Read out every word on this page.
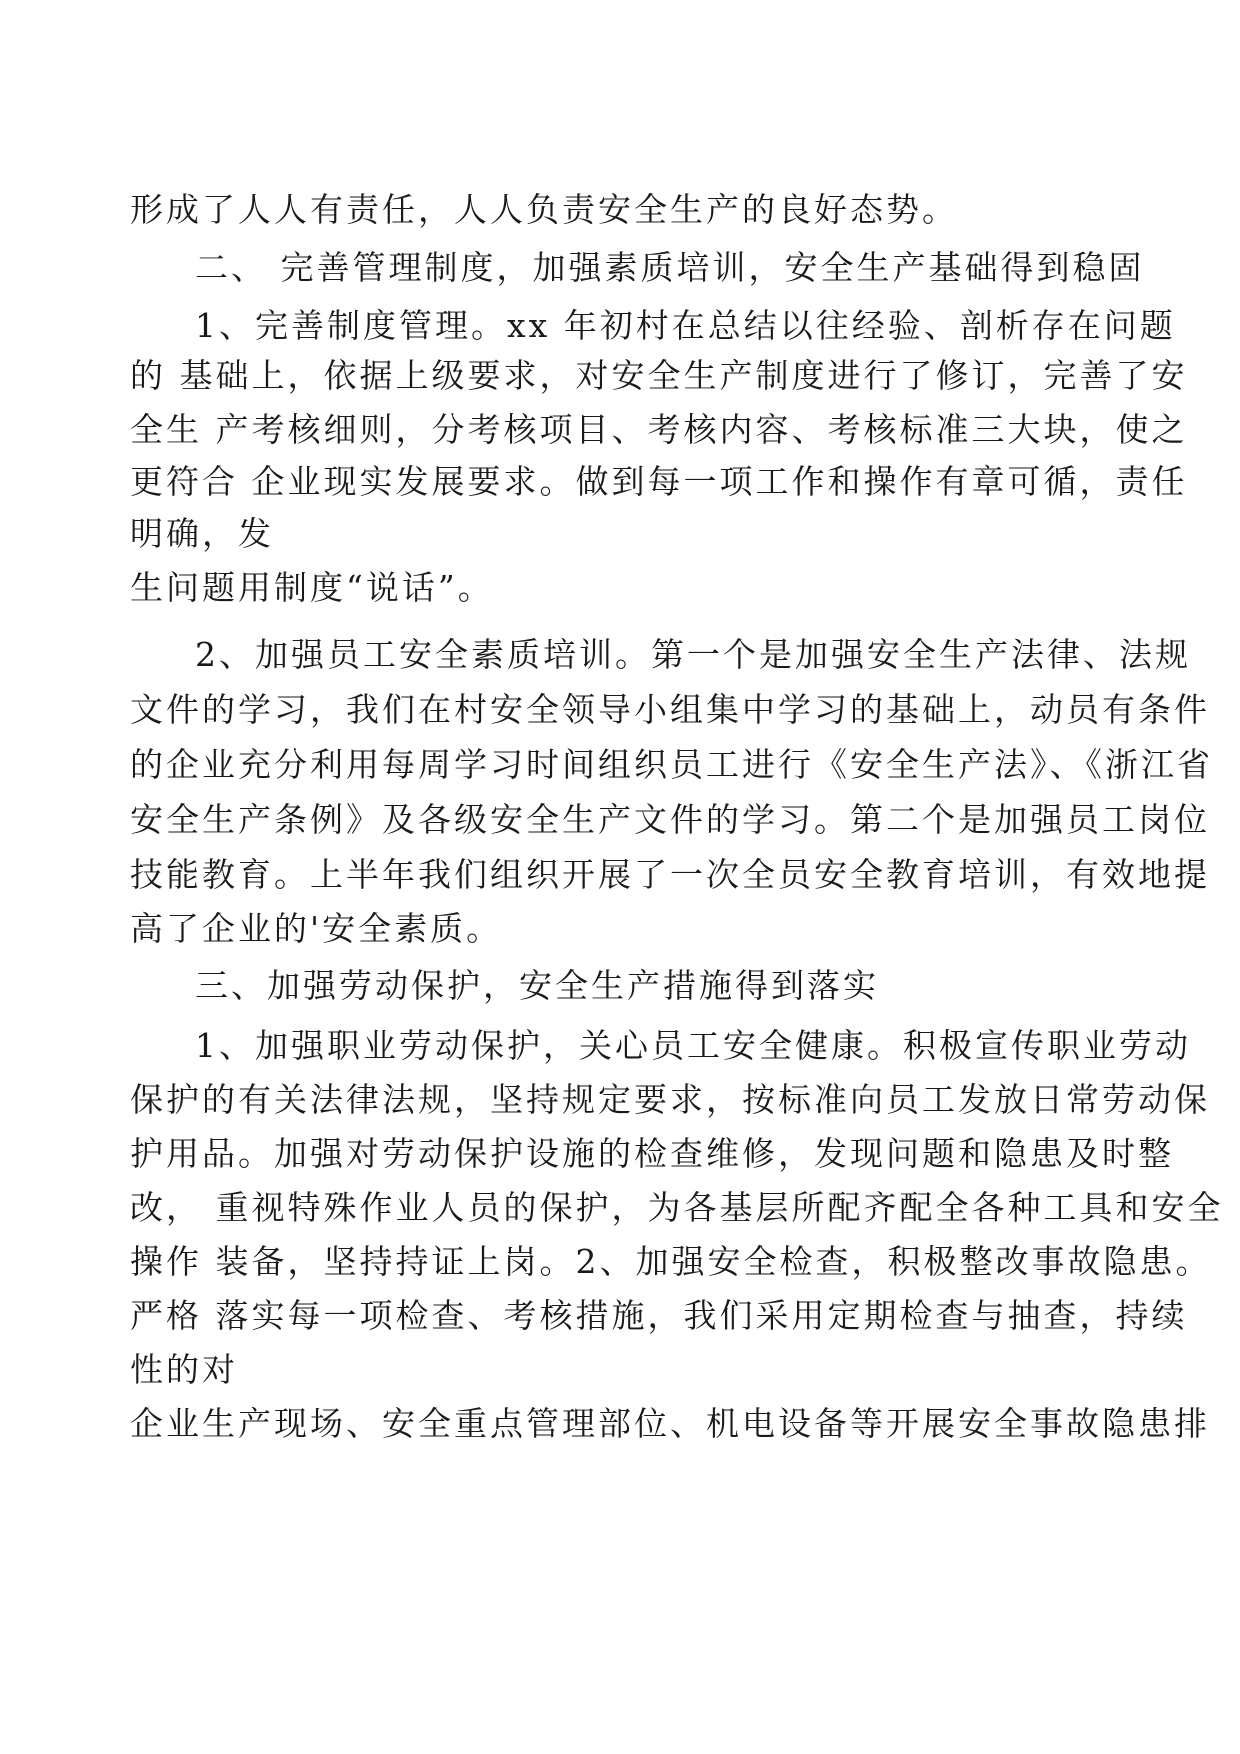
形成了人人有责任，人人负责安全生产的良好态势。
二、 完善管理制度，加强素质培训，安全生产基础得到稳固
1、完善制度管理。xx 年初村在总结以往经验、剖析存在问题
的 基础上，依据上级要求，对安全生产制度进行了修订，完善了安
全生 产考核细则，分考核项目、考核内容、考核标准三大块，使之
更符合 企业现实发展要求。做到每一项工作和操作有章可循，责任
明确，发
生问题用制度“说话”。
2、加强员工安全素质培训。第一个是加强安全生产法律、法规
文件的学习，我们在村安全领导小组集中学习的基础上，动员有条件
的企业充分利用每周学习时间组织员工进行《安全生产法》、《浙江省
安全生产条例》及各级安全生产文件的学习。第二个是加强员工岗位
技能教育。上半年我们组织开展了一次全员安全教育培训，有效地提
高了企业的'安全素质。
三、加强劳动保护，安全生产措施得到落实
1、加强职业劳动保护，关心员工安全健康。积极宣传职业劳动
保护的有关法律法规，坚持规定要求，按标准向员工发放日常劳动保
护用品。加强对劳动保护设施的检查维修，发现问题和隐患及时整
改， 重视特殊作业人员的保护，为各基层所配齐配全各种工具和安全
操作 装备，坚持持证上岗。2、加强安全检查，积极整改事故隐患。
严格 落实每一项检查、考核措施，我们采用定期检查与抽查，持续
性的对
企业生产现场、安全重点管理部位、机电设备等开展安全事故隐患排
